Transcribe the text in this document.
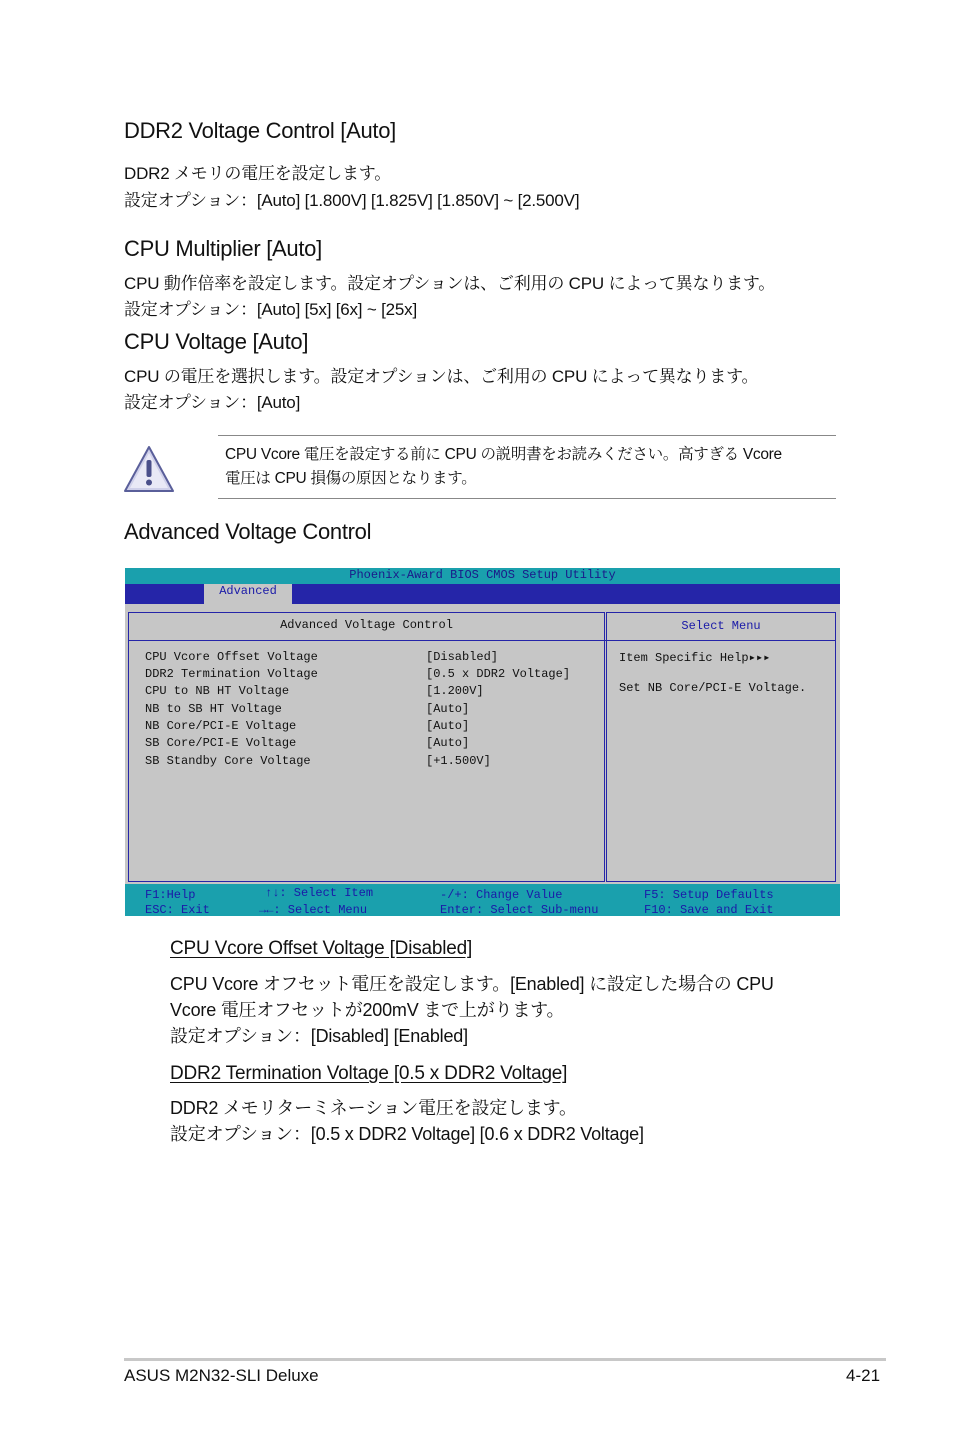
DDR2 Voltage Control [Auto]
DDR2 メモリの電圧を設定します。
設定オプション：[Auto] [1.800V] [1.825V] [1.850V] ~ [2.500V]
CPU Multiplier [Auto]
CPU 動作倍率を設定します。設定オプションは、ご利用の CPU によって異なります。
設定オプション：[Auto] [5x] [6x] ~ [25x]
CPU Voltage [Auto]
CPU の電圧を選択します。設定オプションは、ご利用の CPU によって異なります。
設定オプション：[Auto]
CPU Vcore 電圧を設定する前に CPU の説明書をお読みください。高すぎる Vcore
電圧は CPU 損傷の原因となります。
Advanced Voltage Control
Phoenix-Award BIOS CMOS Setup Utility
Advanced
Advanced Voltage Control	Select Menu
CPU Vcore Offset Voltage	[Disabled]
DDR2 Termination Voltage	[0.5 x DDR2 Voltage]
CPU to NB HT Voltage	[1.200V]
NB to SB HT Voltage	[Auto]
NB Core/PCI-E Voltage	[Auto]
SB Core/PCI-E Voltage	[Auto]
SB Standby Core Voltage	[+1.500V]
Item Specific Help▸▸▸
Set NB Core/PCI-E Voltage.
F1:Help
ESC: Exit
↑↓: Select Item
→←: Select Menu
-/+: Change Value
Enter: Select Sub-menu
F5: Setup Defaults
F10: Save and Exit
CPU Vcore Offset Voltage [Disabled]
CPU Vcore オフセット電圧を設定します。[Enabled] に設定した場合の CPU
Vcore 電圧オフセットが200mV まで上がります。
設定オプション：[Disabled] [Enabled]
DDR2 Termination Voltage [0.5 x DDR2 Voltage]
DDR2 メモリターミネーション電圧を設定します。
設定オプション：[0.5 x DDR2 Voltage] [0.6 x DDR2 Voltage]
ASUS M2N32-SLI Deluxe	4-21
